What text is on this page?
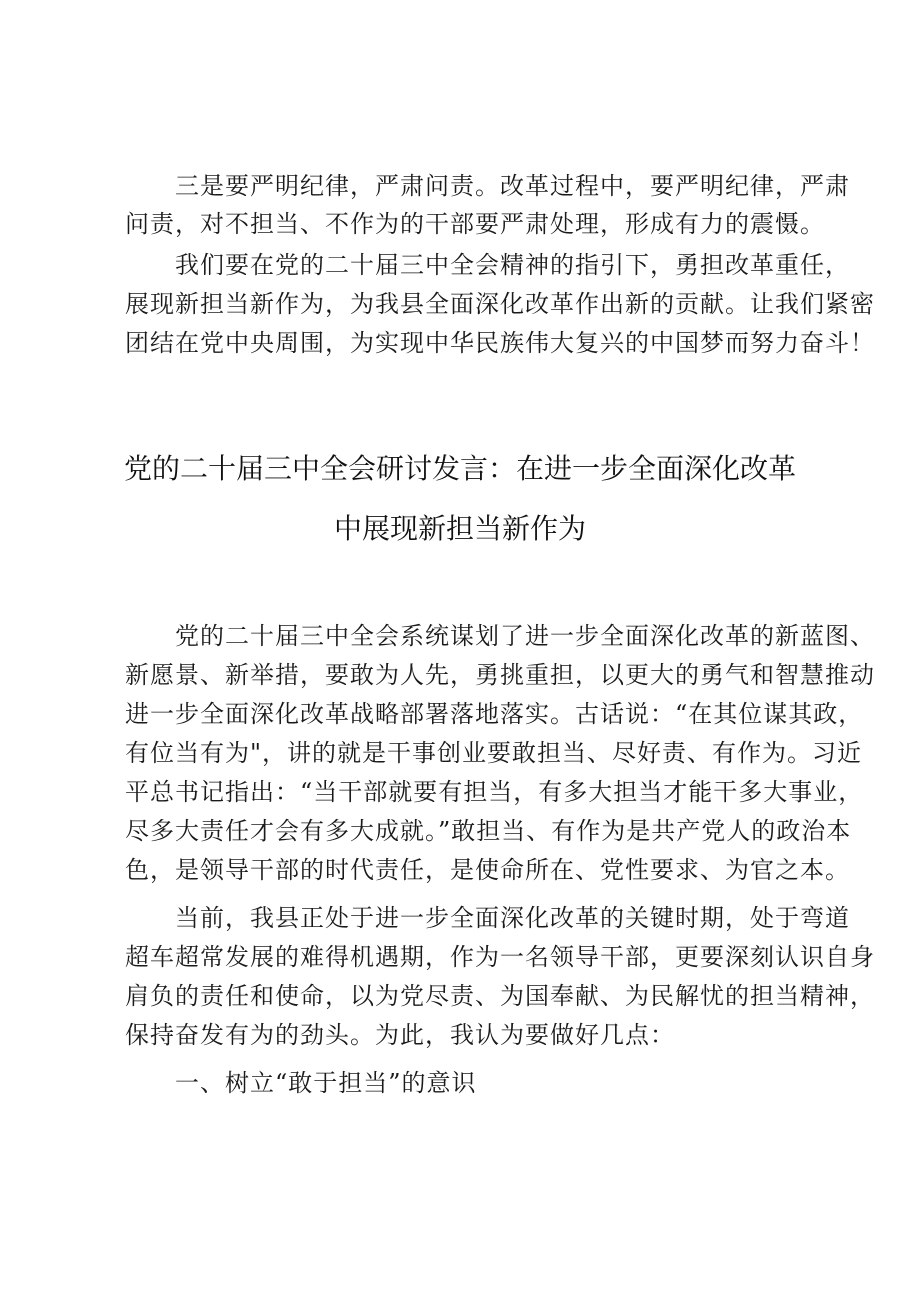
　　三是要严明纪律，严肃问责。改革过程中，要严明纪律，严肃
问责，对不担当、不作为的干部要严肃处理，形成有力的震慑。
　　我们要在党的二十届三中全会精神的指引下，勇担改革重任，
展现新担当新作为，为我县全面深化改革作出新的贡献。让我们紧密
团结在党中央周围，为实现中华民族伟大复兴的中国梦而努力奋斗！
党的二十届三中全会研讨发言：在进一步全面深化改革
中展现新担当新作为
　　党的二十届三中全会系统谋划了进一步全面深化改革的新蓝图、
新愿景、新举措，要敢为人先，勇挑重担，以更大的勇气和智慧推动
进一步全面深化改革战略部署落地落实。古话说：“在其位谋其政，
有位当有为"，讲的就是干事创业要敢担当、尽好责、有作为。习近
平总书记指出：“当干部就要有担当，有多大担当才能干多大事业，
尽多大责任才会有多大成就。”敢担当、有作为是共产党人的政治本
色，是领导干部的时代责任，是使命所在、党性要求、为官之本。
　　当前，我县正处于进一步全面深化改革的关键时期，处于弯道
超车超常发展的难得机遇期，作为一名领导干部，更要深刻认识自身
肩负的责任和使命，以为党尽责、为国奉献、为民解忧的担当精神，
保持奋发有为的劲头。为此，我认为要做好几点：
　　一、树立“敢于担当”的意识
